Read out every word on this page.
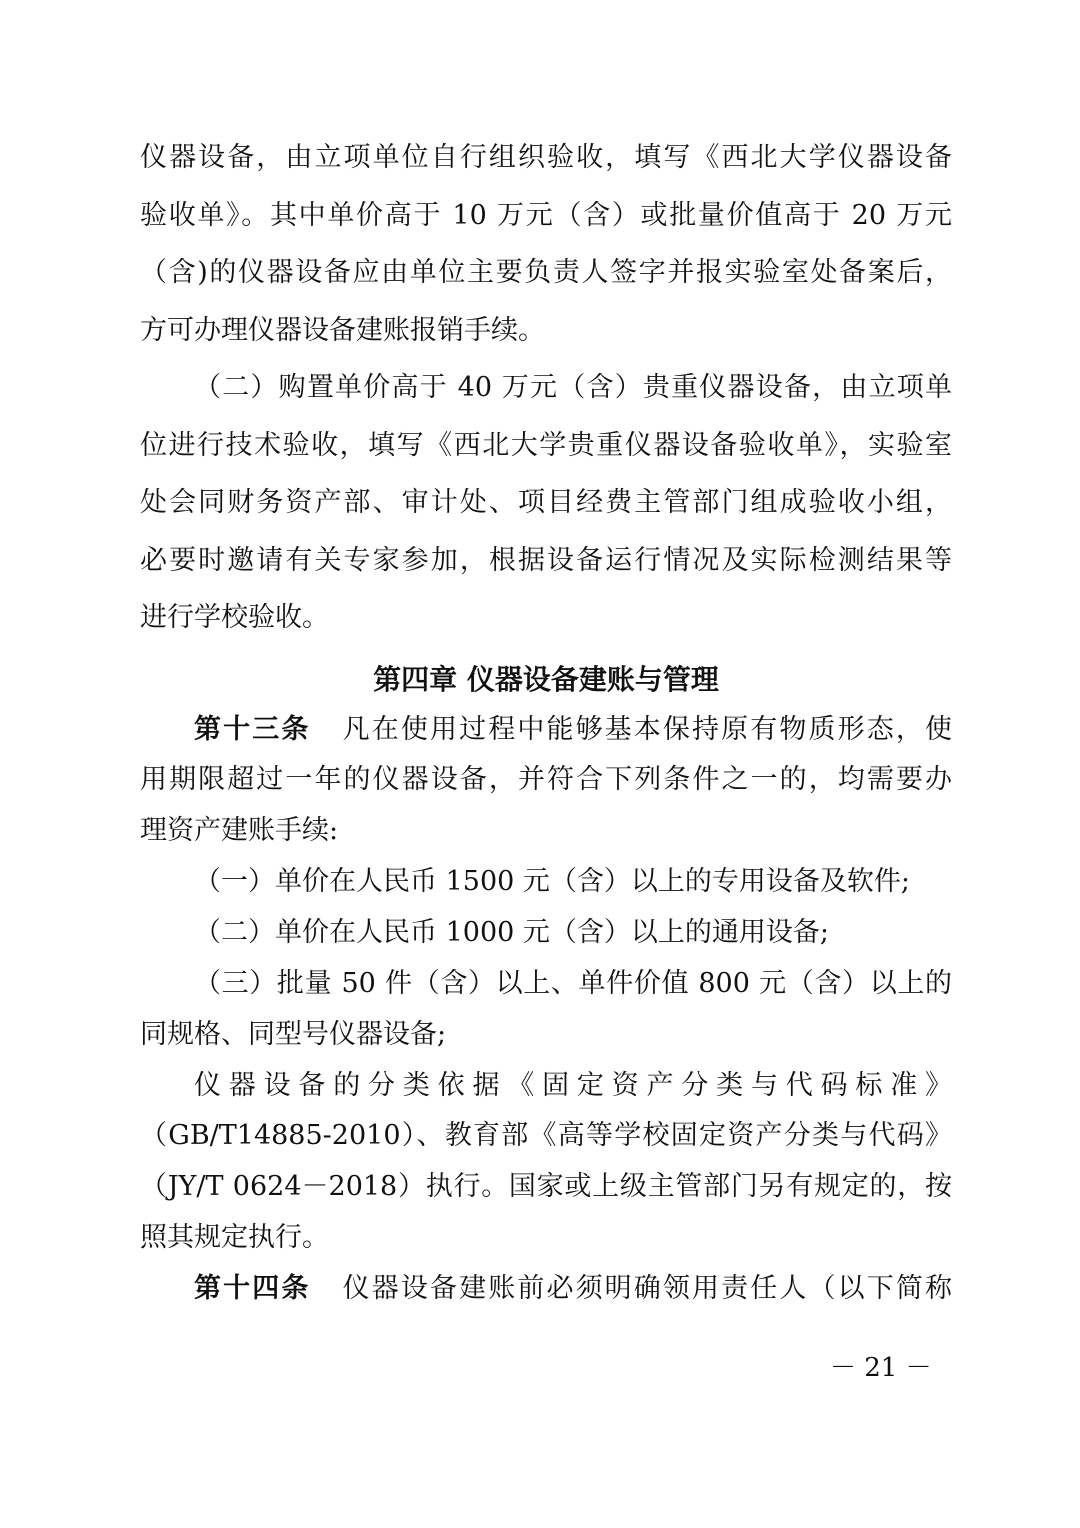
仪器设备，由立项单位自行组织验收，填写《西北大学仪器设备
验收单》。其中单价高于 10 万元（含）或批量价值高于 20 万元
（含)的仪器设备应由单位主要负责人签字并报实验室处备案后，
方可办理仪器设备建账报销手续。
（二）购置单价高于 40 万元（含）贵重仪器设备，由立项单
位进行技术验收，填写《西北大学贵重仪器设备验收单》，实验室
处会同财务资产部、审计处、项目经费主管部门组成验收小组，
必要时邀请有关专家参加，根据设备运行情况及实际检测结果等
进行学校验收。
第四章 仪器设备建账与管理
第十三条 凡在使用过程中能够基本保持原有物质形态，使
用期限超过一年的仪器设备，并符合下列条件之一的，均需要办
理资产建账手续:
（一）单价在人民币 1500 元（含）以上的专用设备及软件;
（二）单价在人民币 1000 元（含）以上的通用设备;
（三）批量 50 件（含）以上、单件价值 800 元（含）以上的
同规格、同型号仪器设备;
仪器设备的分类依据《固定资产分类与代码标准》
（GB/T14885-2010）、教育部《高等学校固定资产分类与代码》
（JY/T 0624－2018）执行。国家或上级主管部门另有规定的，按
照其规定执行。
第十四条 仪器设备建账前必须明确领用责任人（以下简称
－ 21 －
